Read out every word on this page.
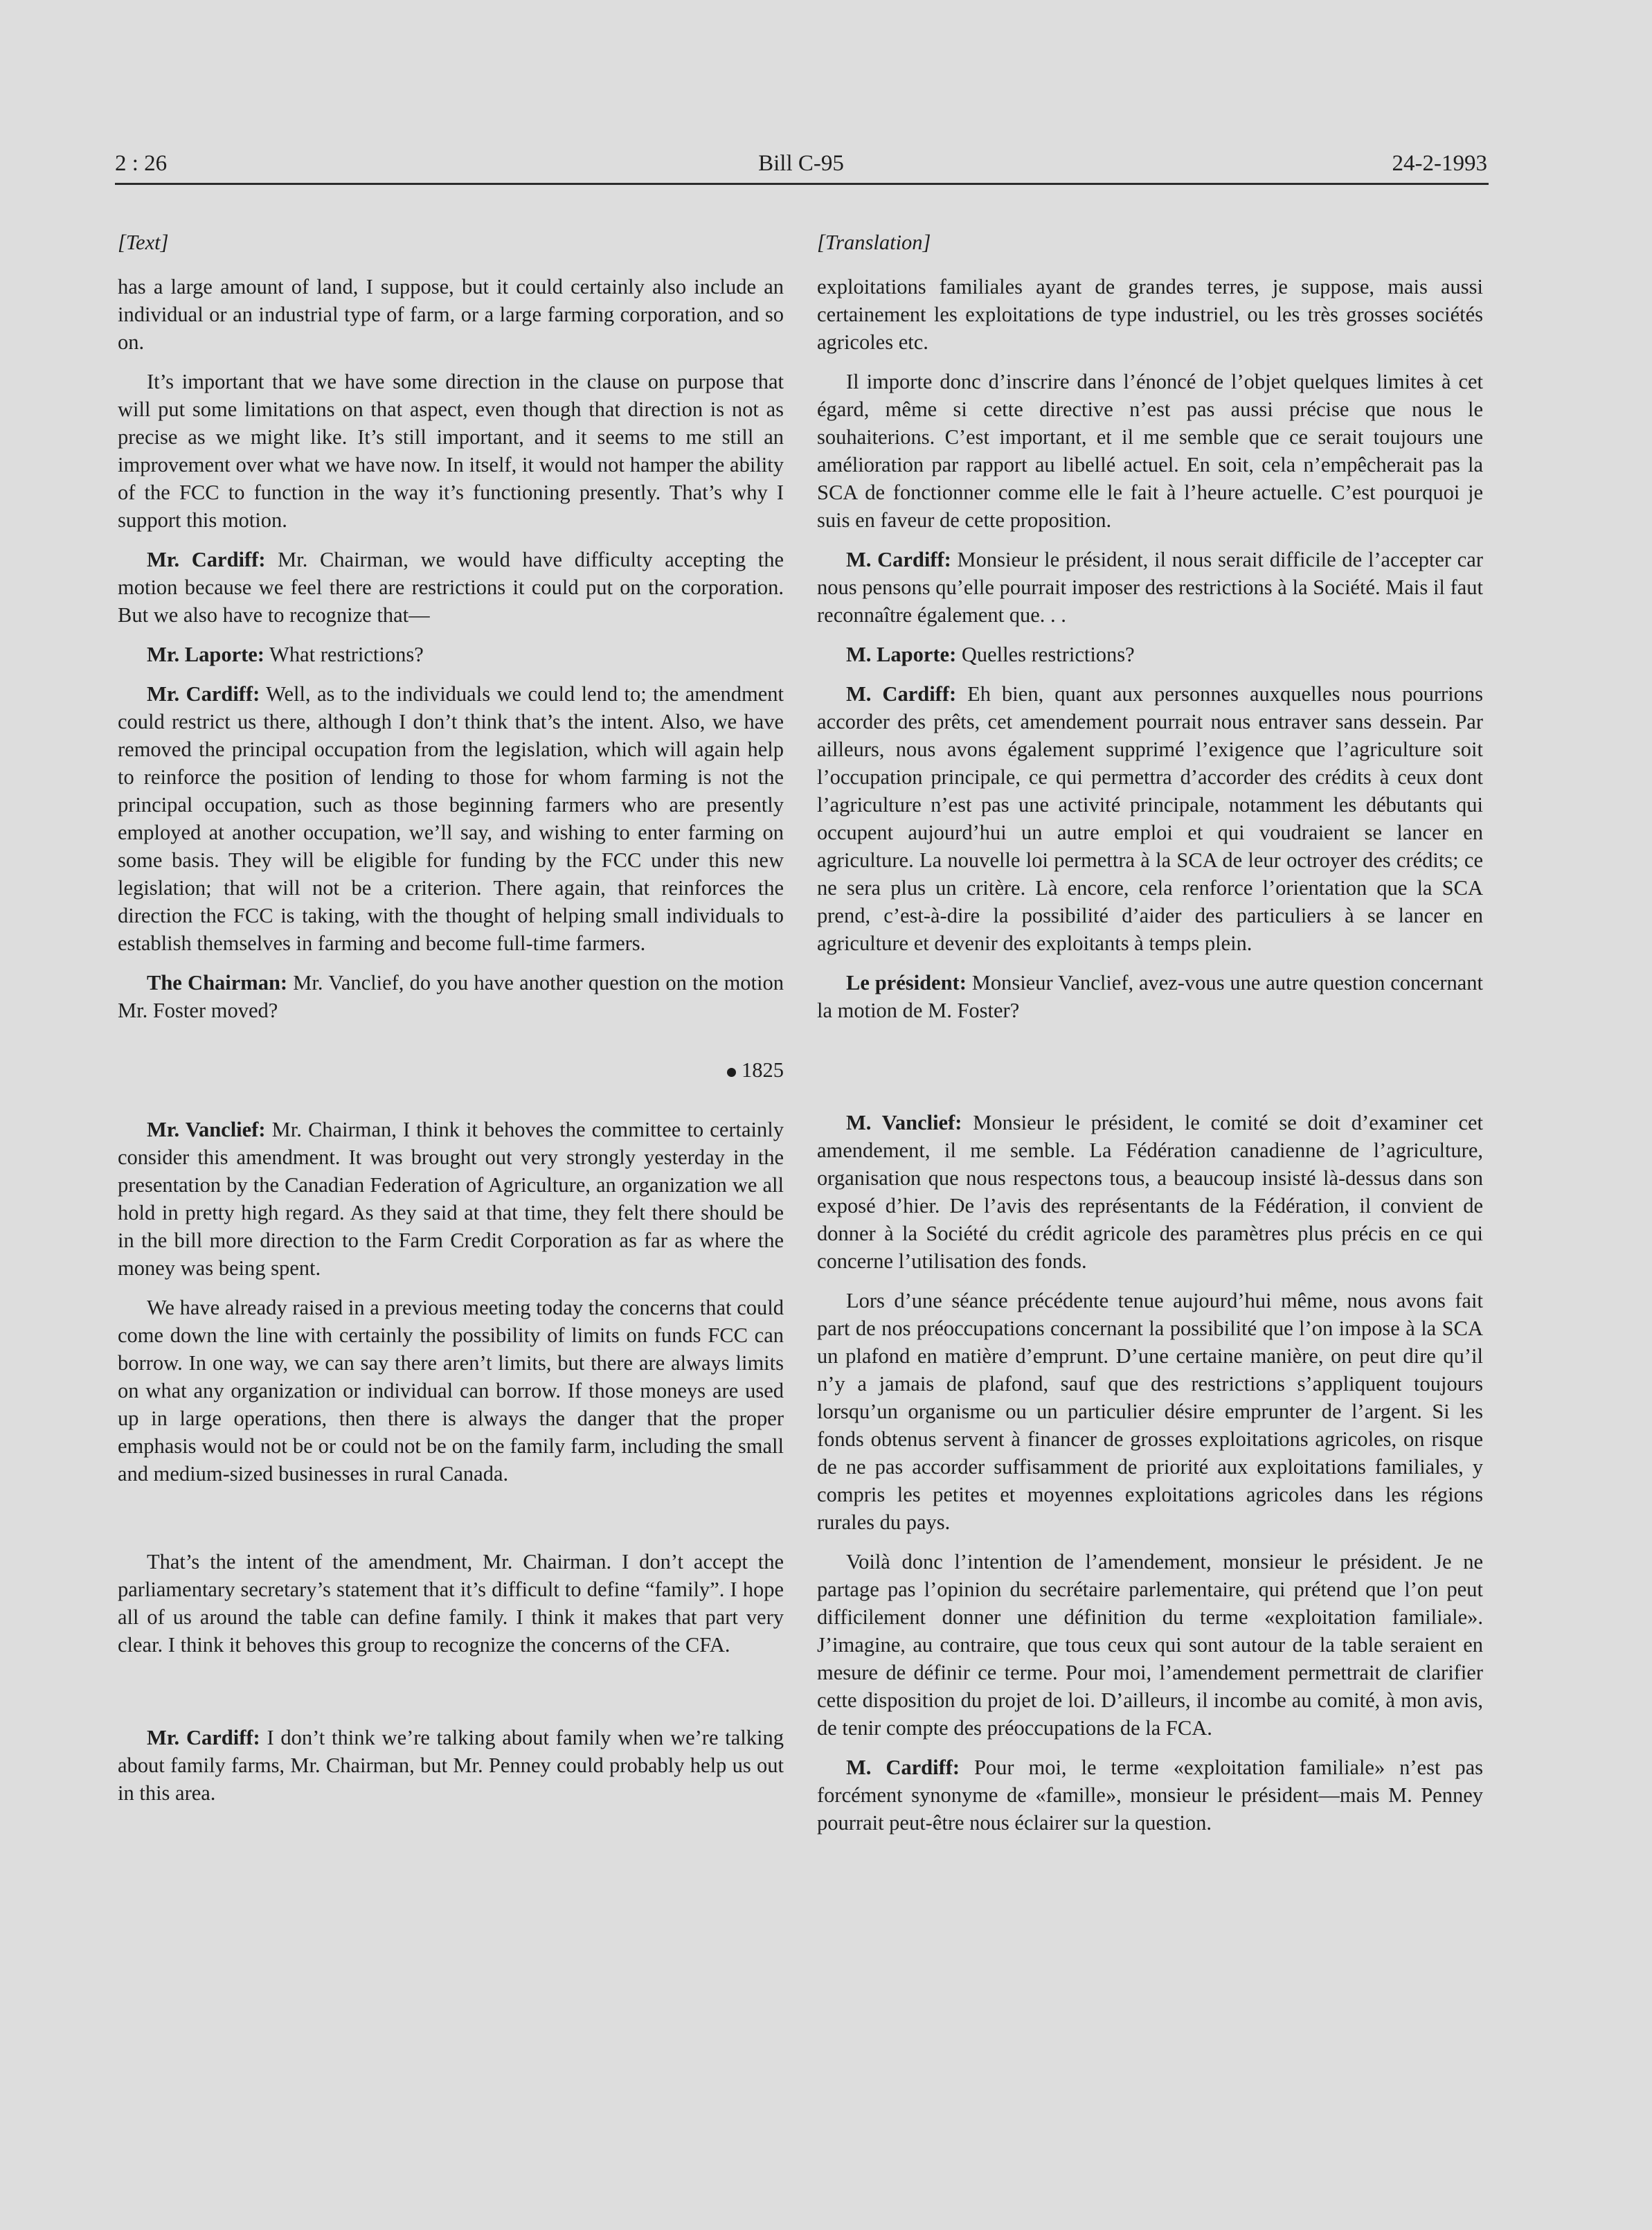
2 : 26	Bill C-95	24-2-1993

[Text]

has a large amount of land, I suppose, but it could certainly also include an individual or an industrial type of farm, or a large farming corporation, and so on.

It’s important that we have some direction in the clause on purpose that will put some limitations on that aspect, even though that direction is not as precise as we might like. It’s still important, and it seems to me still an improvement over what we have now. In itself, it would not hamper the ability of the FCC to function in the way it’s functioning presently. That’s why I support this motion.

Mr. Cardiff: Mr. Chairman, we would have difficulty accepting the motion because we feel there are restrictions it could put on the corporation. But we also have to recognize that—

Mr. Laporte: What restrictions?

Mr. Cardiff: Well, as to the individuals we could lend to; the amendment could restrict us there, although I don’t think that’s the intent. Also, we have removed the principal occupation from the legislation, which will again help to reinforce the position of lending to those for whom farming is not the principal occupation, such as those beginning farmers who are presently employed at another occupation, we’ll say, and wishing to enter farming on some basis. They will be eligible for funding by the FCC under this new legislation; that will not be a criterion. There again, that reinforces the direction the FCC is taking, with the thought of helping small individuals to establish themselves in farming and become full-time farmers.

The Chairman: Mr. Vanclief, do you have another question on the motion Mr. Foster moved?

1825

Mr. Vanclief: Mr. Chairman, I think it behoves the committee to certainly consider this amendment. It was brought out very strongly yesterday in the presentation by the Canadian Federation of Agriculture, an organization we all hold in pretty high regard. As they said at that time, they felt there should be in the bill more direction to the Farm Credit Corporation as far as where the money was being spent.

We have already raised in a previous meeting today the concerns that could come down the line with certainly the possibility of limits on funds FCC can borrow. In one way, we can say there aren’t limits, but there are always limits on what any organization or individual can borrow. If those moneys are used up in large operations, then there is always the danger that the proper emphasis would not be or could not be on the family farm, including the small and medium-sized businesses in rural Canada.

That’s the intent of the amendment, Mr. Chairman. I don’t accept the parliamentary secretary’s statement that it’s difficult to define “family”. I hope all of us around the table can define family. I think it makes that part very clear. I think it behoves this group to recognize the concerns of the CFA.

Mr. Cardiff: I don’t think we’re talking about family when we’re talking about family farms, Mr. Chairman, but Mr. Penney could probably help us out in this area.

[Translation]

exploitations familiales ayant de grandes terres, je suppose, mais aussi certainement les exploitations de type industriel, ou les très grosses sociétés agricoles etc.

Il importe donc d’inscrire dans l’énoncé de l’objet quelques limites à cet égard, même si cette directive n’est pas aussi précise que nous le souhaiterions. C’est important, et il me semble que ce serait toujours une amélioration par rapport au libellé actuel. En soit, cela n’empêcherait pas la SCA de fonctionner comme elle le fait à l’heure actuelle. C’est pourquoi je suis en faveur de cette proposition.

M. Cardiff: Monsieur le président, il nous serait difficile de l’accepter car nous pensons qu’elle pourrait imposer des restrictions à la Société. Mais il faut reconnaître également que. . .

M. Laporte: Quelles restrictions?

M. Cardiff: Eh bien, quant aux personnes auxquelles nous pourrions accorder des prêts, cet amendement pourrait nous entraver sans dessein. Par ailleurs, nous avons également supprimé l’exigence que l’agriculture soit l’occupation principale, ce qui permettra d’accorder des crédits à ceux dont l’agriculture n’est pas une activité principale, notamment les débutants qui occupent aujourd’hui un autre emploi et qui voudraient se lancer en agriculture. La nouvelle loi permettra à la SCA de leur octroyer des crédits; ce ne sera plus un critère. Là encore, cela renforce l’orientation que la SCA prend, c’est-à-dire la possibilité d’aider des particuliers à se lancer en agriculture et devenir des exploitants à temps plein.

Le président: Monsieur Vanclief, avez-vous une autre question concernant la motion de M. Foster?

M. Vanclief: Monsieur le président, le comité se doit d’examiner cet amendement, il me semble. La Fédération canadienne de l’agriculture, organisation que nous respectons tous, a beaucoup insisté là-dessus dans son exposé d’hier. De l’avis des représentants de la Fédération, il convient de donner à la Société du crédit agricole des paramètres plus précis en ce qui concerne l’utilisation des fonds.

Lors d’une séance précédente tenue aujourd’hui même, nous avons fait part de nos préoccupations concernant la possibilité que l’on impose à la SCA un plafond en matière d’emprunt. D’une certaine manière, on peut dire qu’il n’y a jamais de plafond, sauf que des restrictions s’appliquent toujours lorsqu’un organisme ou un particulier désire emprunter de l’argent. Si les fonds obtenus servent à financer de grosses exploitations agricoles, on risque de ne pas accorder suffisamment de priorité aux exploitations familiales, y compris les petites et moyennes exploitations agricoles dans les régions rurales du pays.

Voilà donc l’intention de l’amendement, monsieur le président. Je ne partage pas l’opinion du secrétaire parlementaire, qui prétend que l’on peut difficilement donner une définition du terme «exploitation familiale». J’imagine, au contraire, que tous ceux qui sont autour de la table seraient en mesure de définir ce terme. Pour moi, l’amendement permettrait de clarifier cette disposition du projet de loi. D’ailleurs, il incombe au comité, à mon avis, de tenir compte des préoccupations de la FCA.

M. Cardiff: Pour moi, le terme «exploitation familiale» n’est pas forcément synonyme de «famille», monsieur le président—mais M. Penney pourrait peut-être nous éclairer sur la question.
